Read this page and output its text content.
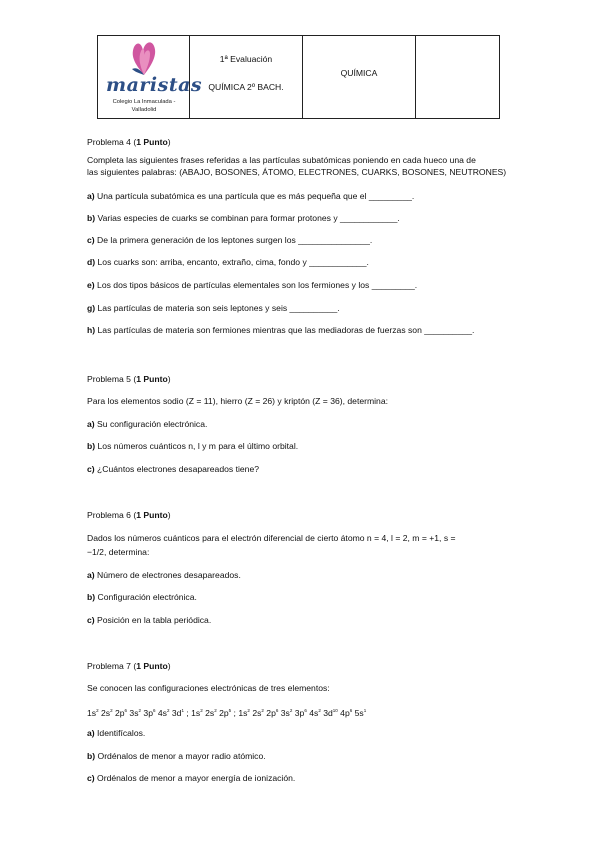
maristas
Colegio La Inmaculada -
Valladolid
1ª Evaluación
QUÍMICA 2º BACH.
QUÍMICA
Problema 4 (1 Punto)
Completa las siguientes frases referidas a las partículas subatómicas poniendo en cada hueco una de
las siguientes palabras: (ABAJO, BOSONES, ÁTOMO, ELECTRONES, CUARKS, BOSONES, NEUTRONES)
a) Una partícula subatómica es una partícula que es más pequeña que el _________.
b) Varias especies de cuarks se combinan para formar protones y ____________.
c) De la primera generación de los leptones surgen los _______________.
d) Los cuarks son: arriba, encanto, extraño, cima, fondo y ____________.
e) Los dos tipos básicos de partículas elementales son los fermiones y los _________.
g) Las partículas de materia son seis leptones y seis __________.
h) Las partículas de materia son fermiones mientras que las mediadoras de fuerzas son __________.
Problema 5 (1 Punto)
Para los elementos sodio (Z = 11), hierro (Z = 26) y kriptón (Z = 36), determina:
a) Su configuración electrónica.
b) Los números cuánticos n, l y m para el último orbital.
c) ¿Cuántos electrones desapareados tiene?
Problema 6 (1 Punto)
Dados los números cuánticos para el electrón diferencial de cierto átomo n = 4, l = 2, m = +1, s =
−1/2, determina:
a) Número de electrones desapareados.
b) Configuración electrónica.
c) Posición en la tabla periódica.
Problema 7 (1 Punto)
Se conocen las configuraciones electrónicas de tres elementos:
$1s^2$ $2s^2$ $2p^6$ $3s^2$ $3p^6$ $4s^2$ $3d^1$ ; $1s^2$ $2s^2$ $2p^5$ ; $1s^2$ $2s^2$ $2p^6$ $3s^2$ $3p^6$ $4s^2$ $3d^{10}$ $4p^6$ $5s^1$
a) Identifícalos.
b) Ordénalos de menor a mayor radio atómico.
c) Ordénalos de menor a mayor energía de ionización.
